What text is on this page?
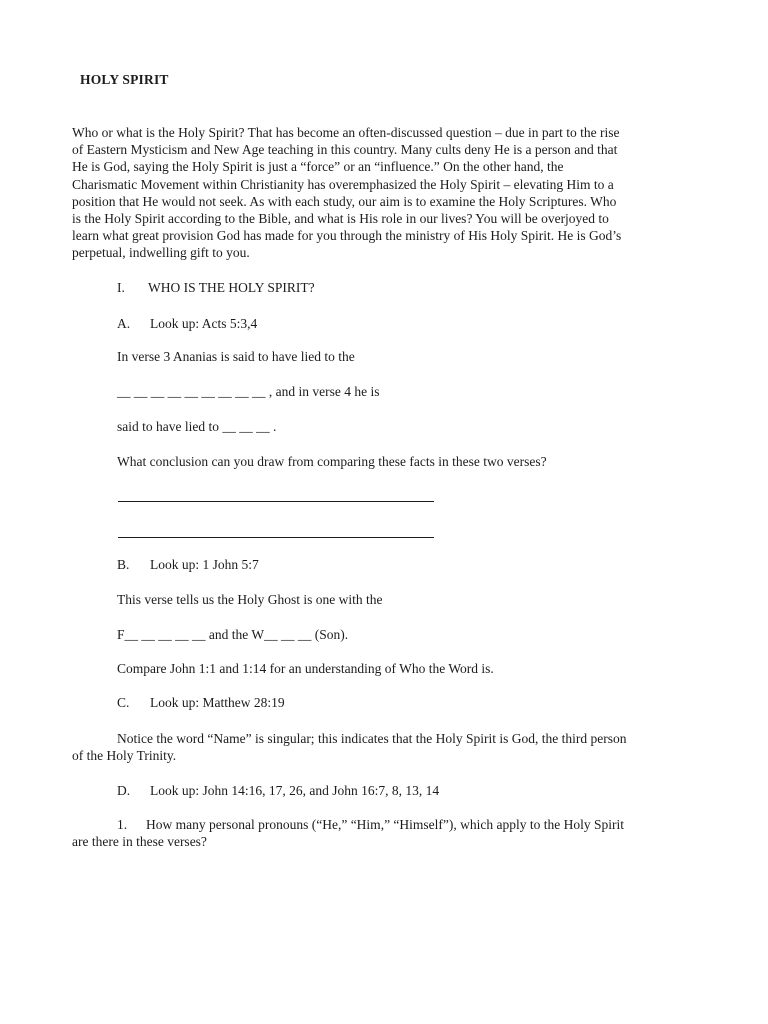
HOLY SPIRIT
Who or what is the Holy Spirit? That has become an often-discussed question – due in part to the rise
of Eastern Mysticism and New Age teaching in this country. Many cults deny He is a person and that
He is God, saying the Holy Spirit is just a “force” or an “influence.” On the other hand, the
Charismatic Movement within Christianity has overemphasized the Holy Spirit – elevating Him to a
position that He would not seek. As with each study, our aim is to examine the Holy Scriptures. Who
is the Holy Spirit according to the Bible, and what is His role in our lives? You will be overjoyed to
learn what great provision God has made for you through the ministry of His Holy Spirit. He is God’s
perpetual, indwelling gift to you.
I. WHO IS THE HOLY SPIRIT?
A. Look up: Acts 5:3,4
In verse 3 Ananias is said to have lied to the
__ __ __ __ __ __ __ __ __ , and in verse 4 he is
said to have lied to __ __ __ .
What conclusion can you draw from comparing these facts in these two verses?
B. Look up: 1 John 5:7
This verse tells us the Holy Ghost is one with the
F__ __ __ __ __ and the W__ __ __ (Son).
Compare John 1:1 and 1:14 for an understanding of Who the Word is.
C. Look up: Matthew 28:19
Notice the word “Name” is singular; this indicates that the Holy Spirit is God, the third person
of the Holy Trinity.
D. Look up: John 14:16, 17, 26, and John 16:7, 8, 13, 14
1. How many personal pronouns (“He,” “Him,” “Himself”), which apply to the Holy Spirit
are there in these verses?
